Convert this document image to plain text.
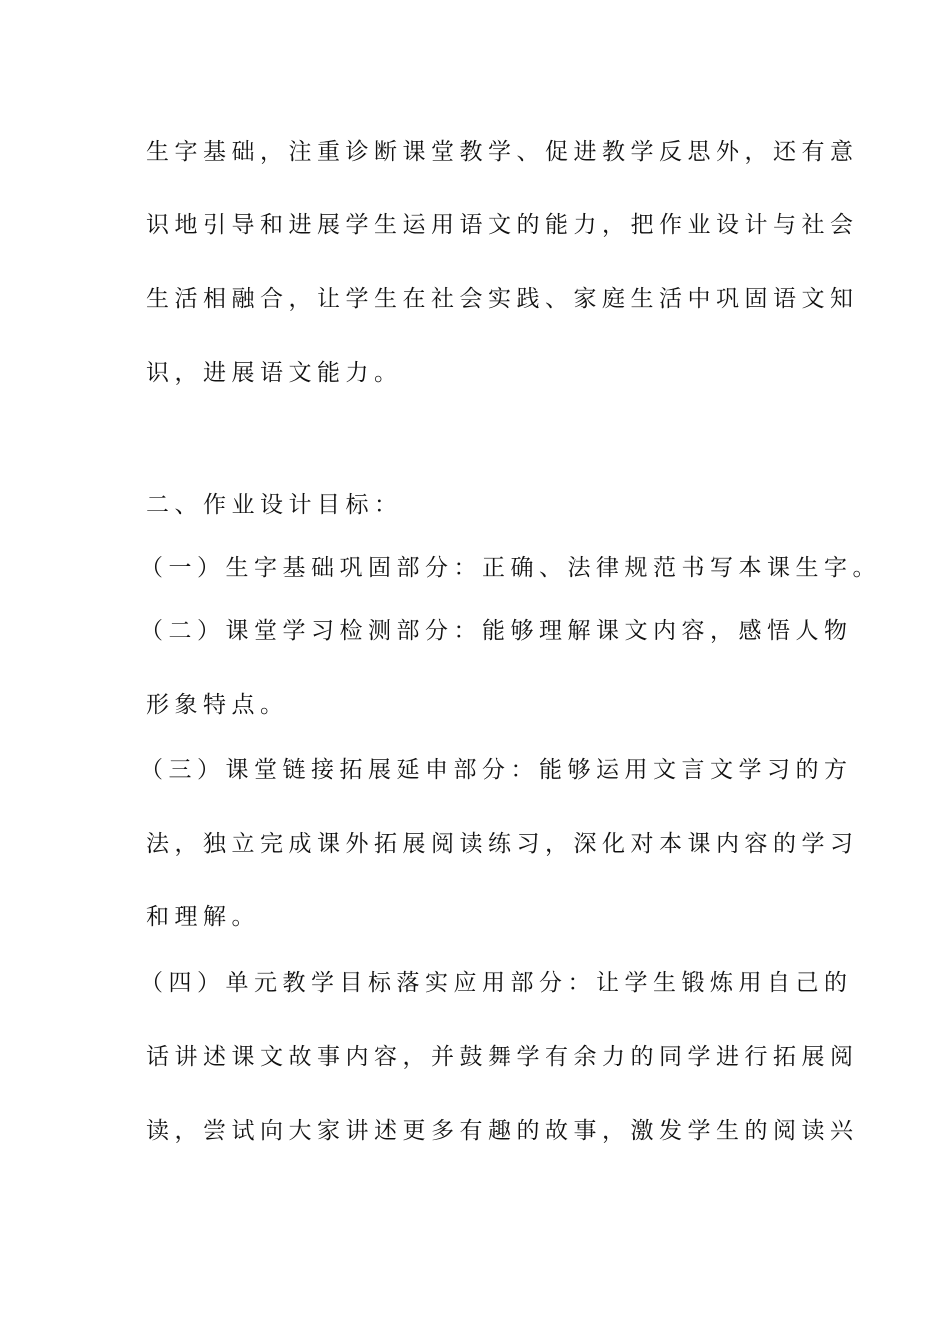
生字基础，注重诊断课堂教学、促进教学反思外，还有意
识地引导和进展学生运用语文的能力，把作业设计与社会
生活相融合，让学生在社会实践、家庭生活中巩固语文知
识，进展语文能力。
二、作业设计目标：
（一）生字基础巩固部分：正确、法律规范书写本课生字。
（二）课堂学习检测部分：能够理解课文内容，感悟人物
形象特点。
（三）课堂链接拓展延申部分：能够运用文言文学习的方
法，独立完成课外拓展阅读练习，深化对本课内容的学习
和理解。
（四）单元教学目标落实应用部分：让学生锻炼用自己的
话讲述课文故事内容，并鼓舞学有余力的同学进行拓展阅
读，尝试向大家讲述更多有趣的故事，激发学生的阅读兴
